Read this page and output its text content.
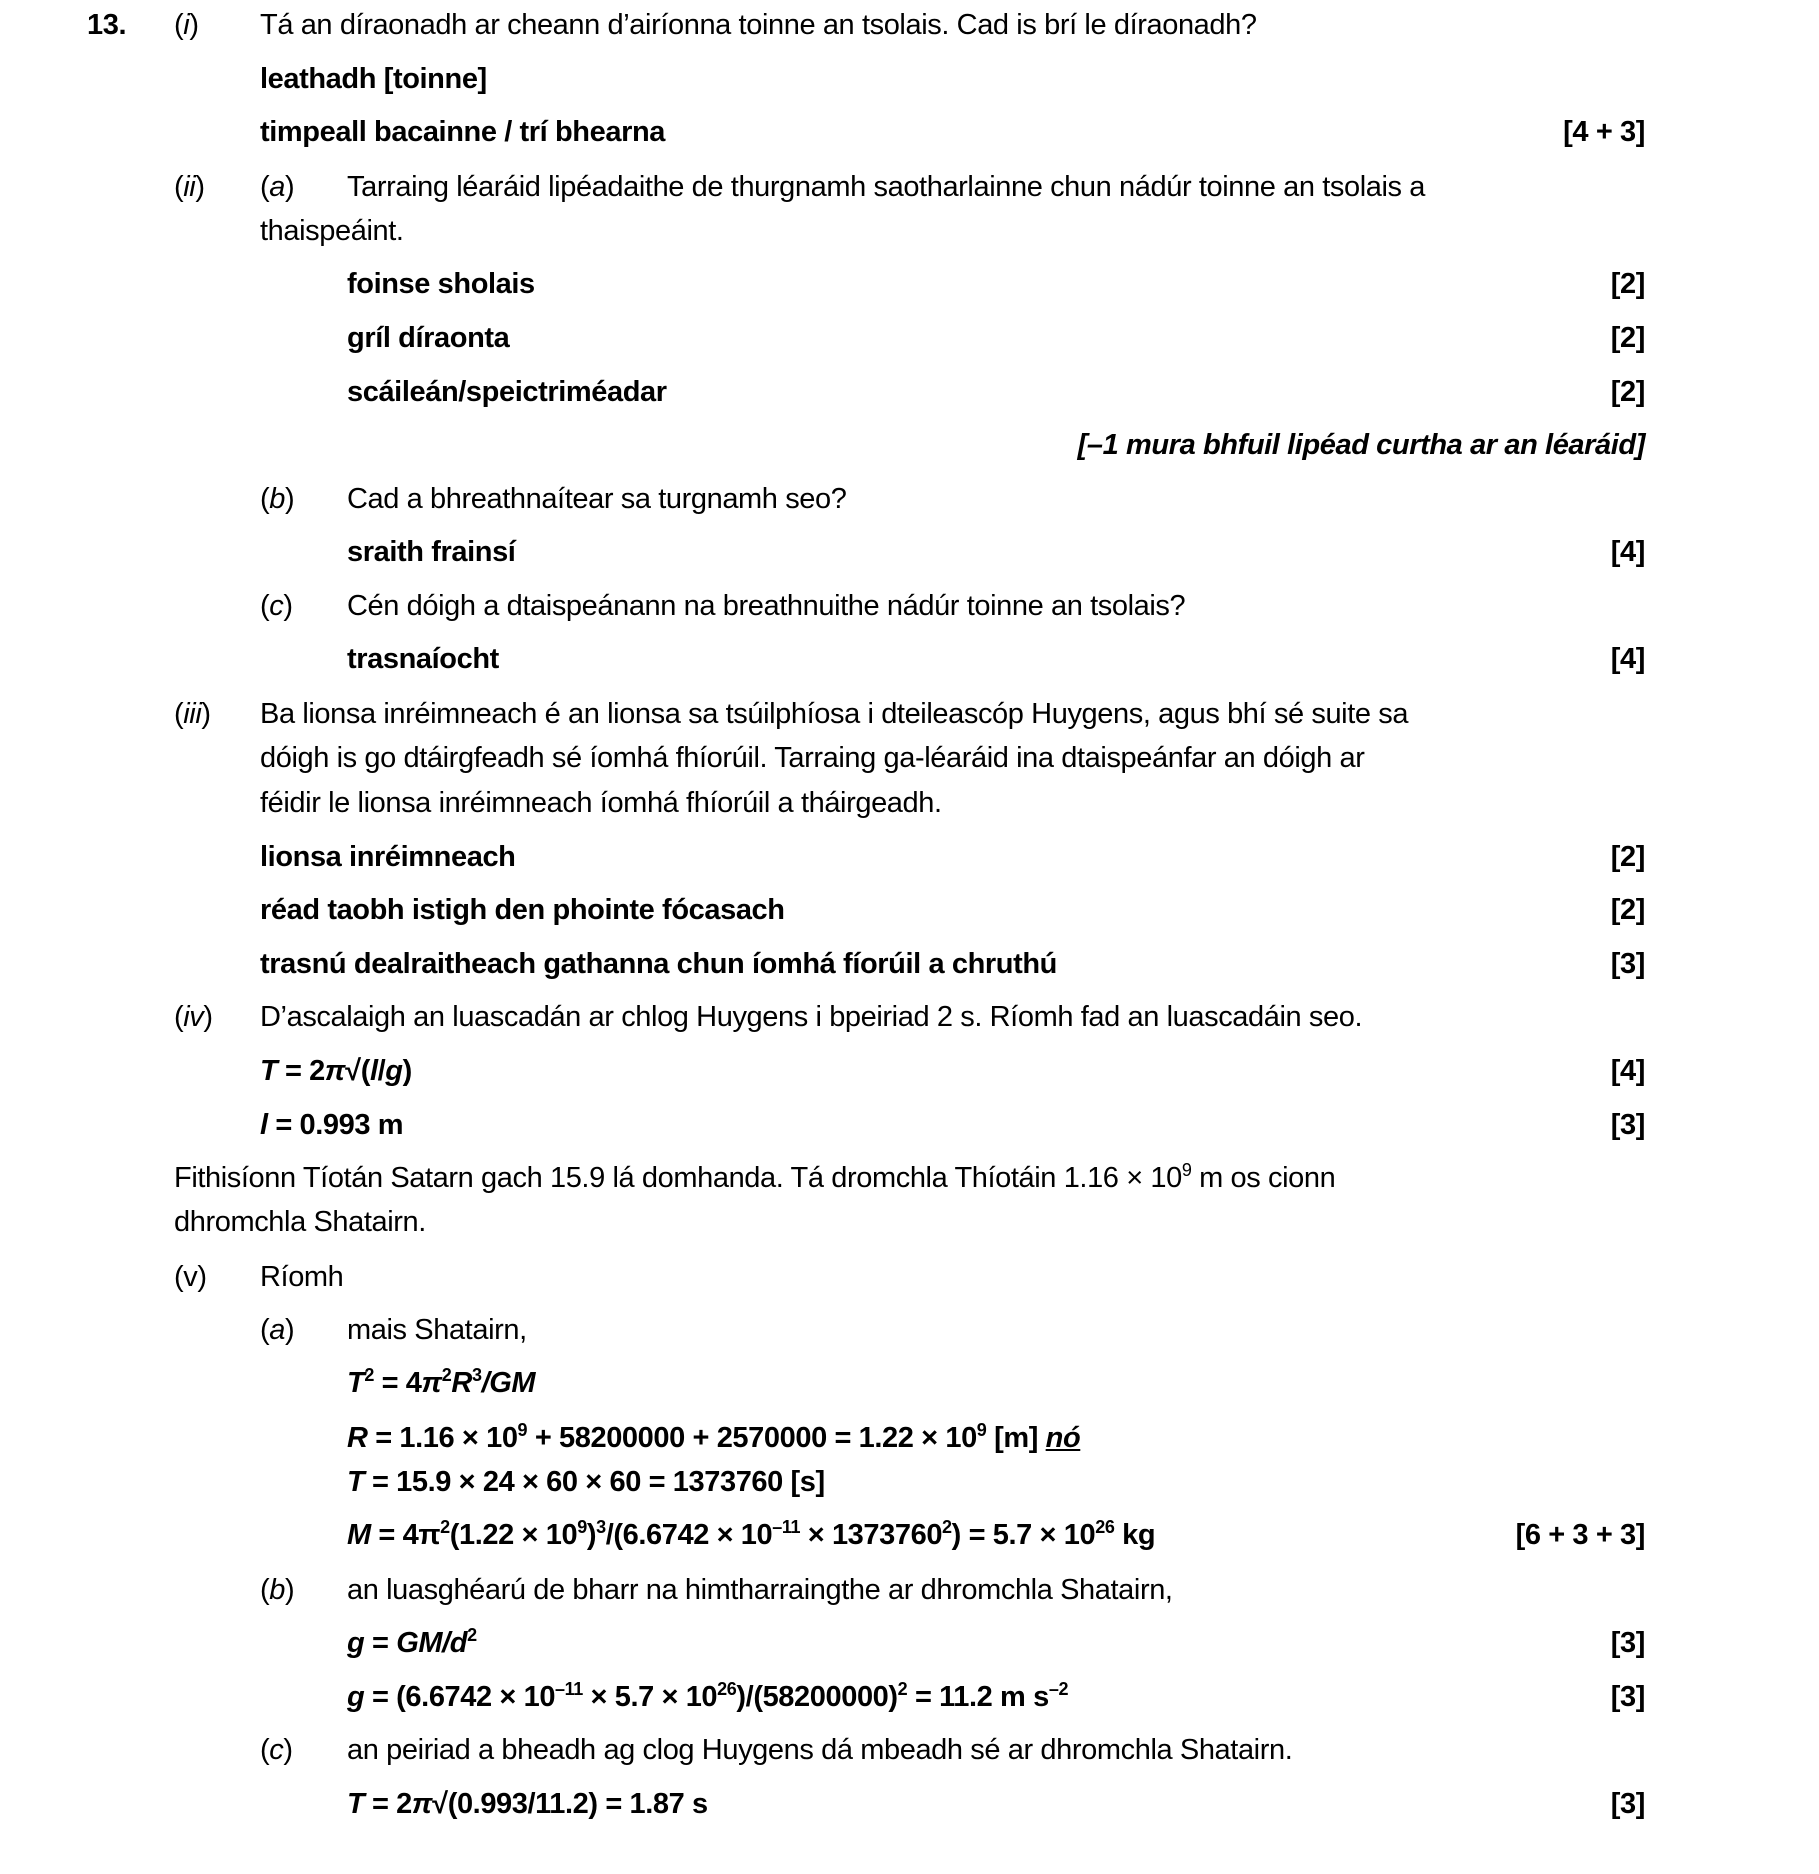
13. (i) Tá an díraonadh ar cheann d’airíonna toinne an tsolais. Cad is brí le díraonadh?
leathadh [toinne]
timpeall bacainne / trí bhearna	[4 + 3]
(ii) (a) Tarraing léaráid lipéadaithe de thurgnamh saotharlainne chun nádúr toinne an tsolais a
thaispeáint.
foinse sholais	[2]
gríl díraonta	[2]
scáileán/speictriméadar	[2]
[–1 mura bhfuil lipéad curtha ar an léaráid]
(b) Cad a bhreathnaítear sa turgnamh seo?
sraith frainsí	[4]
(c) Cén dóigh a dtaispeánann na breathnuithe nádúr toinne an tsolais?
trasnaíocht	[4]
(iii) Ba lionsa inréimneach é an lionsa sa tsúilphíosa i dteileascóp Huygens, agus bhí sé suite sa
dóigh is go dtáirgfeadh sé íomhá fhíorúil. Tarraing ga-léaráid ina dtaispeánfar an dóigh ar
féidir le lionsa inréimneach íomhá fhíorúil a tháirgeadh.
lionsa inréimneach	[2]
réad taobh istigh den phointe fócasach	[2]
trasnú dealraitheach gathanna chun íomhá fíorúil a chruthú	[3]
(iv) D’ascalaigh an luascadán ar chlog Huygens i bpeiriad 2 s. Ríomh fad an luascadáin seo.
T = 2π√(l/g)	[4]
l = 0.993 m	[3]
Fithisíonn Tíotán Satarn gach 15.9 lá domhanda. Tá dromchla Thíotáin $1.16 \times 10^9$ m os cionn
dhromchla Shatairn.
(v) Ríomh
(a) mais Shatairn,
$T^2 = 4\pi^2R^3/GM$
$R = 1.16 \times 10^9 + 58200000 + 2570000 = 1.22 \times 10^9$ [m] nó
T = 15.9 × 24 × 60 × 60 = 1373760 [s]
$M = 4\pi^2(1.22 \times 10^9)^3/(6.6742 \times 10^{-11} \times 1373760^2) = 5.7 \times 10^{26}$ kg	[6 + 3 + 3]
(b) an luasghéarú de bharr na himtharraingthe ar dhromchla Shatairn,
$g = GM/d^2$	[3]
$g = (6.6742 \times 10^{-11} \times 5.7 \times 10^{26})/(58200000)^2 = 11.2$ m $s^{-2}$	[3]
(c) an peiriad a bheadh ag clog Huygens dá mbeadh sé ar dhromchla Shatairn.
T = 2π√(0.993/11.2) = 1.87 s	[3]
